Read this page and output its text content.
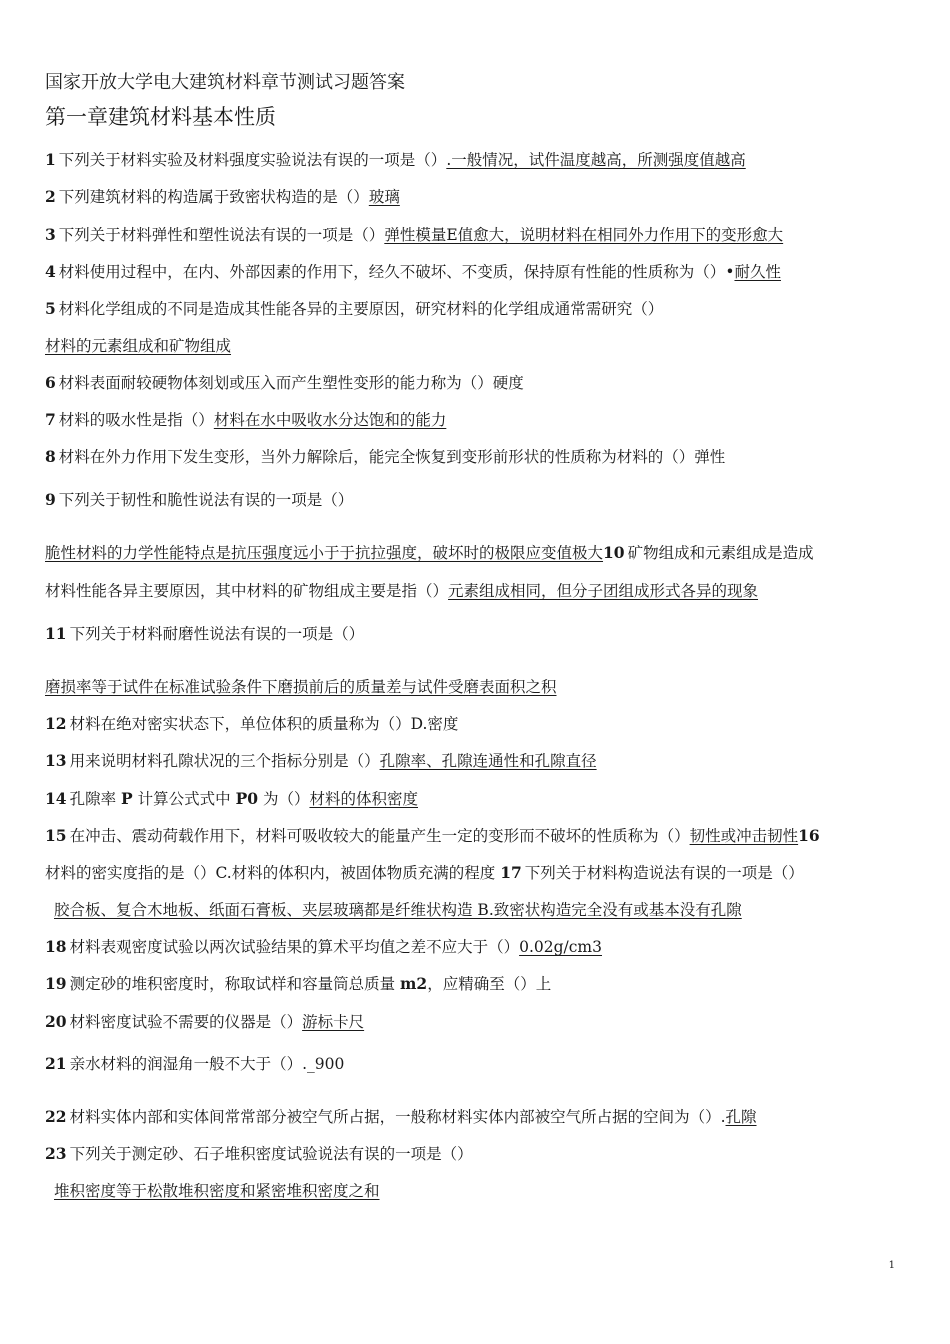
国家开放大学电大建筑材料章节测试习题答案
第一章建筑材料基本性质
1 下列关于材料实验及材料强度实验说法有误的一项是（）.一般情况，试件温度越高，所测强度值越高
2 下列建筑材料的构造属于致密状构造的是（）玻璃
3 下列关于材料弹性和塑性说法有误的一项是（）弹性模量E值愈大，说明材料在相同外力作用下的变形愈大
4 材料使用过程中，在内、外部因素的作用下，经久不破坏、不变质，保持原有性能的性质称为（）•耐久性
5 材料化学组成的不同是造成其性能各异的主要原因，研究材料的化学组成通常需研究（）
材料的元素组成和矿物组成
6 材料表面耐较硬物体刻划或压入而产生塑性变形的能力称为（）硬度
7 材料的吸水性是指（）材料在水中吸收水分达饱和的能力
8 材料在外力作用下发生变形，当外力解除后，能完全恢复到变形前形状的性质称为材料的（）弹性
9 下列关于韧性和脆性说法有误的一项是（）
脆性材料的力学性能特点是抗压强度远小于于抗拉强度，破坏时的极限应变值极大10 矿物组成和元素组成是造成
材料性能各异主要原因，其中材料的矿物组成主要是指（）元素组成相同，但分子团组成形式各异的现象
11 下列关于材料耐磨性说法有误的一项是（）
磨损率等于试件在标准试验条件下磨损前后的质量差与试件受磨表面积之积
12 材料在绝对密实状态下，单位体积的质量称为（）D.密度
13 用来说明材料孔隙状况的三个指标分别是（）孔隙率、孔隙连通性和孔隙直径
14 孔隙率 P 计算公式式中 P0 为（）材料的体积密度
15 在冲击、震动荷载作用下，材料可吸收较大的能量产生一定的变形而不破坏的性质称为（）韧性或冲击韧性16
材料的密实度指的是（）C.材料的体积内，被固体物质充满的程度 17 下列关于材料构造说法有误的一项是（）
胶合板、复合木地板、纸面石膏板、夹层玻璃都是纤维状构造 B.致密状构造完全没有或基本没有孔隙
18 材料表观密度试验以两次试验结果的算术平均值之差不应大于（）0.02g/cm3
19 测定砂的堆积密度时，称取试样和容量筒总质量 m2，应精确至（）上
20 材料密度试验不需要的仪器是（）游标卡尺
21 亲水材料的润湿角一般不大于（）._900
22 材料实体内部和实体间常常部分被空气所占据，一般称材料实体内部被空气所占据的空间为（）.孔隙
23 下列关于测定砂、石子堆积密度试验说法有误的一项是（）
堆积密度等于松散堆积密度和紧密堆积密度之和
1
